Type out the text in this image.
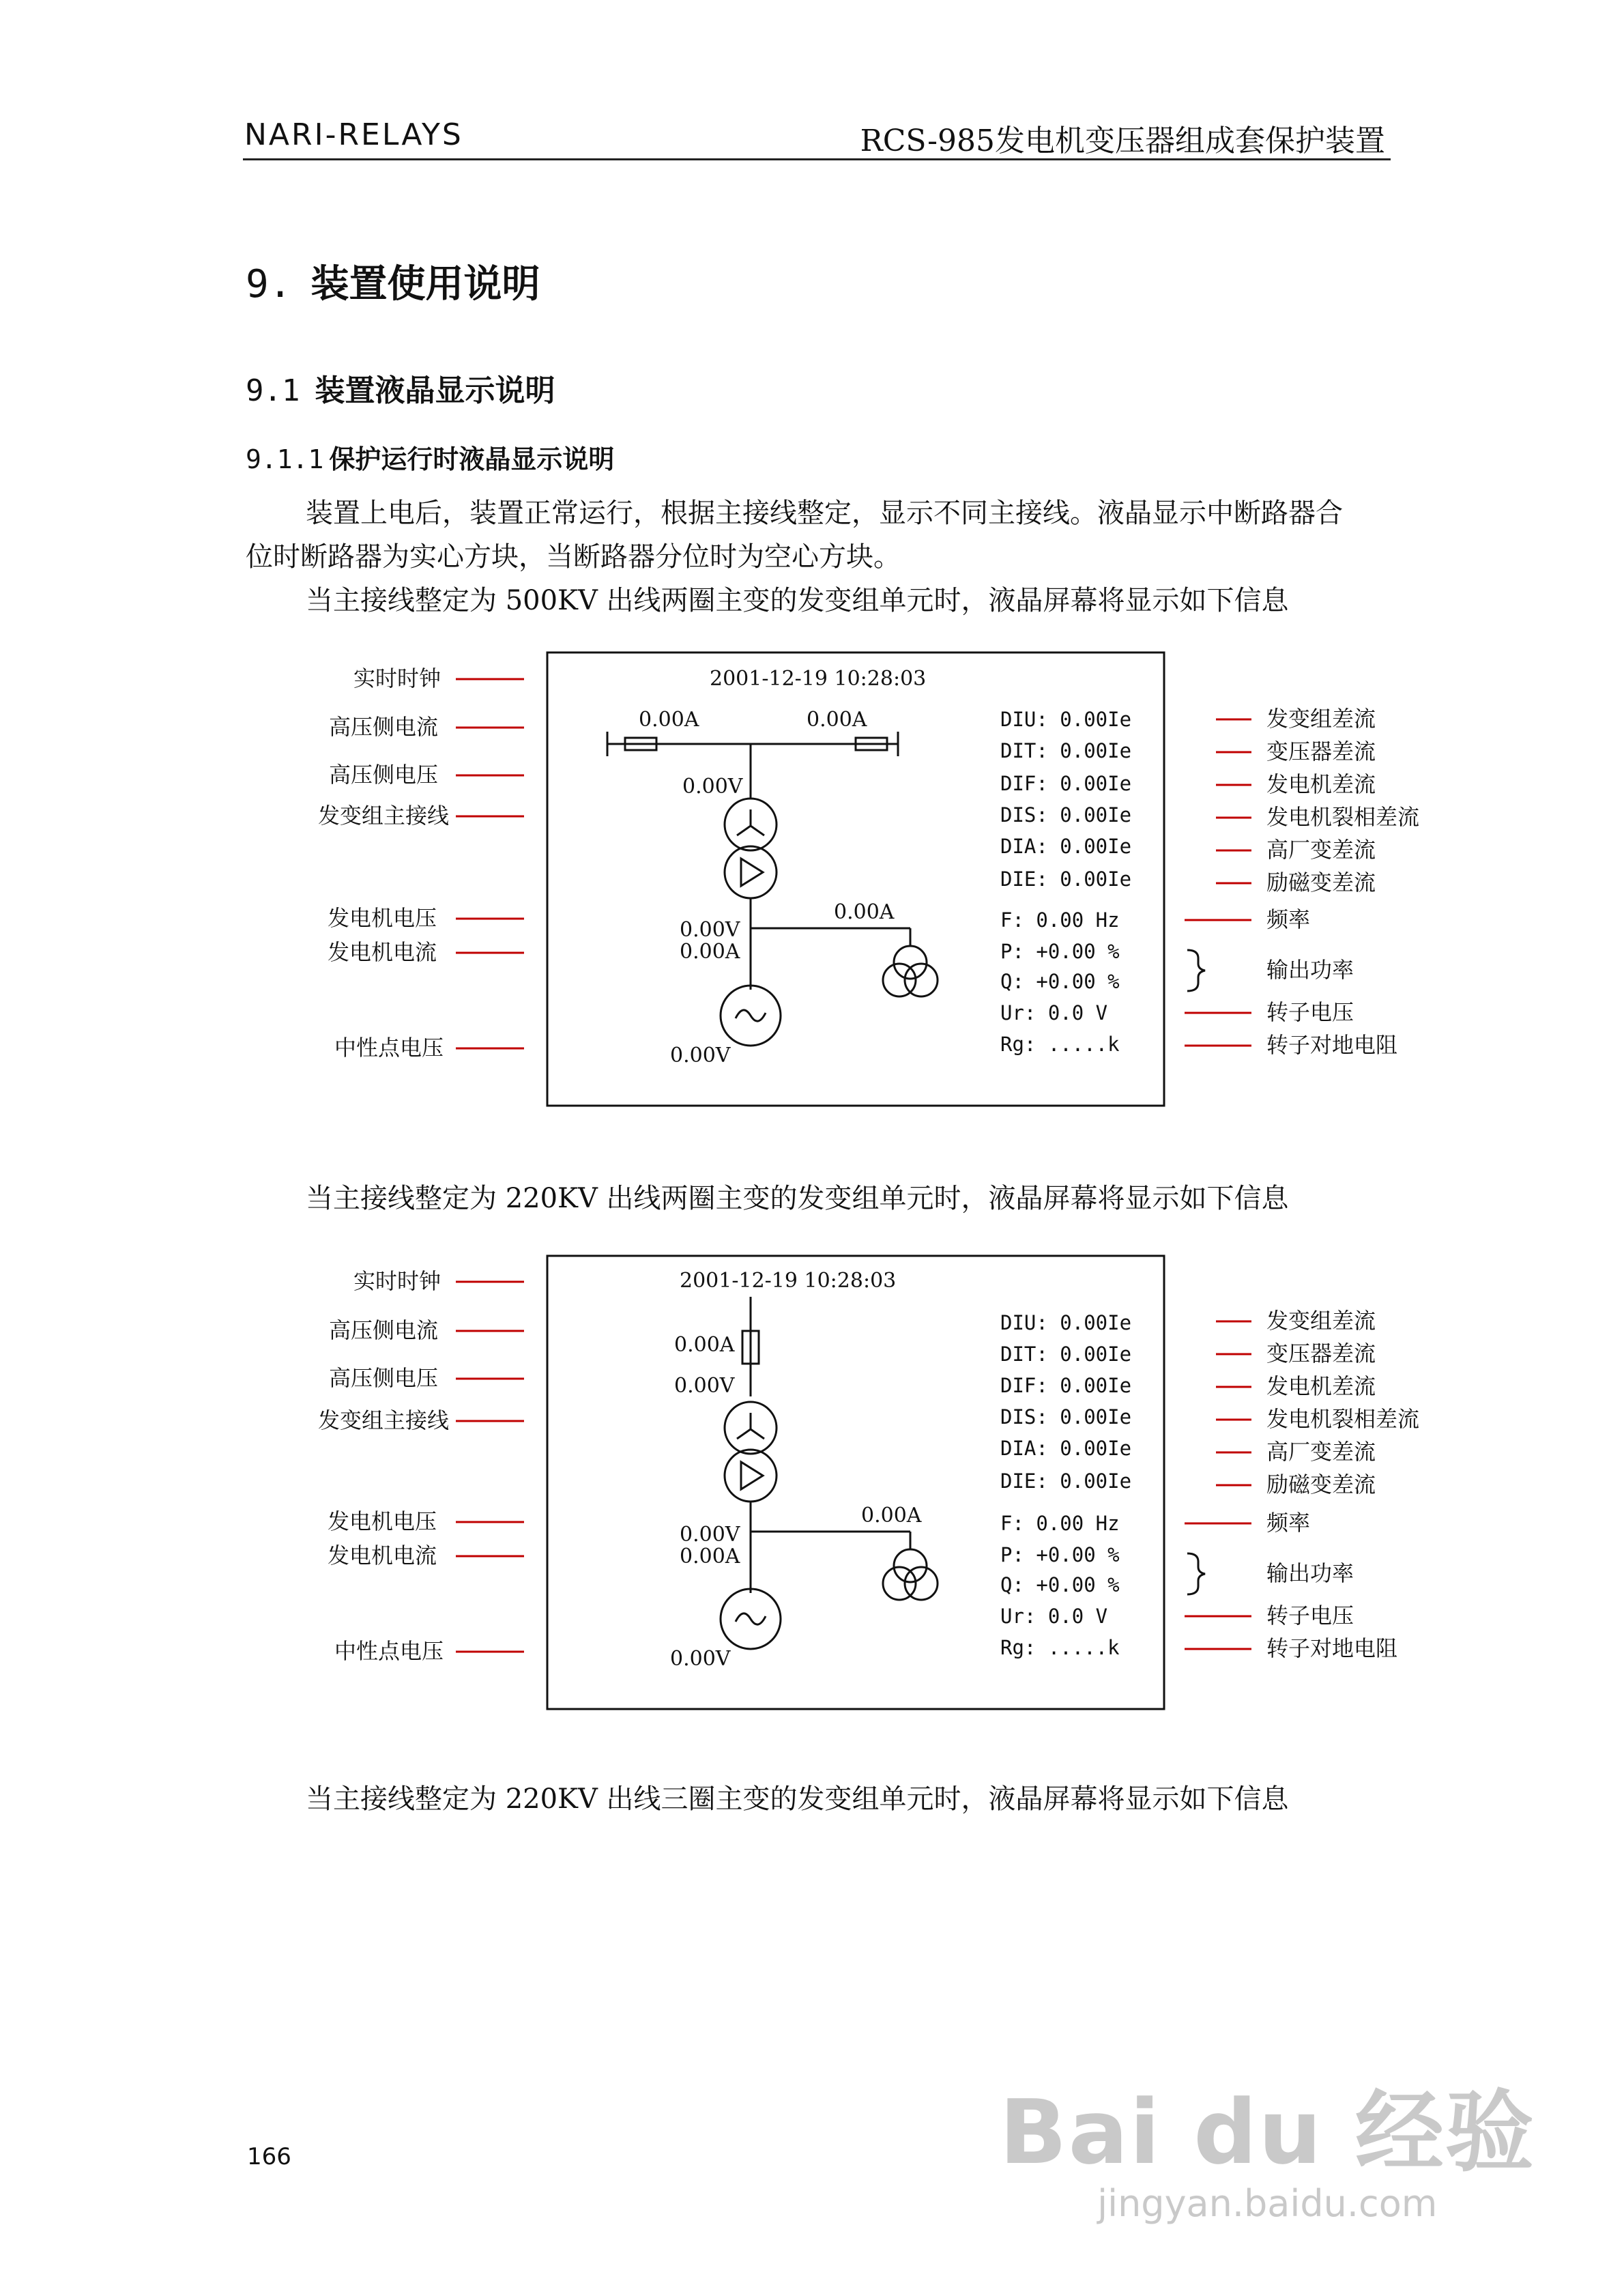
NARI-RELAYS	RCS-985发电机变压器组成套保护装置
9. 装置使用说明
9.1 装置液晶显示说明
9.1.1 保护运行时液晶显示说明
装置上电后，装置正常运行，根据主接线整定，显示不同主接线。液晶显示中断路器合
位时断路器为实心方块，当断路器分位时为空心方块。
当主接线整定为 500KV 出线两圈主变的发变组单元时，液晶屏幕将显示如下信息
当主接线整定为 220KV 出线两圈主变的发变组单元时，液晶屏幕将显示如下信息
当主接线整定为 220KV 出线三圈主变的发变组单元时，液晶屏幕将显示如下信息
实时时钟
高压侧电流
高压侧电压
发变组主接线
发电机电压
发电机电流
中性点电压
2001-12-19 10:28:03
0.00A	0.00A
0.00V
0.00A
0.00V
0.00A
0.00V
DIU: 0.00Ie
DIT: 0.00Ie
DIF: 0.00Ie
DIS: 0.00Ie
DIA: 0.00Ie
DIE: 0.00Ie
F: 0.00 Hz
P: +0.00 %
Q: +0.00 %
Ur: 0.0 V
Rg: .....k
发变组差流
变压器差流
发电机差流
发电机裂相差流
高厂变差流
励磁变差流
频率
输出功率
转子电压
转子对地电阻
实时时钟
高压侧电流
高压侧电压
发变组主接线
发电机电压
发电机电流
中性点电压
2001-12-19 10:28:03
0.00A
0.00V
0.00A
0.00V
0.00A
0.00V
DIU: 0.00Ie
DIT: 0.00Ie
DIF: 0.00Ie
DIS: 0.00Ie
DIA: 0.00Ie
DIE: 0.00Ie
F: 0.00 Hz
P: +0.00 %
Q: +0.00 %
Ur: 0.0 V
Rg: .....k
发变组差流
变压器差流
发电机差流
发电机裂相差流
高厂变差流
励磁变差流
频率
输出功率
转子电压
转子对地电阻
166	Bai du 经验
jingyan.baidu.com
